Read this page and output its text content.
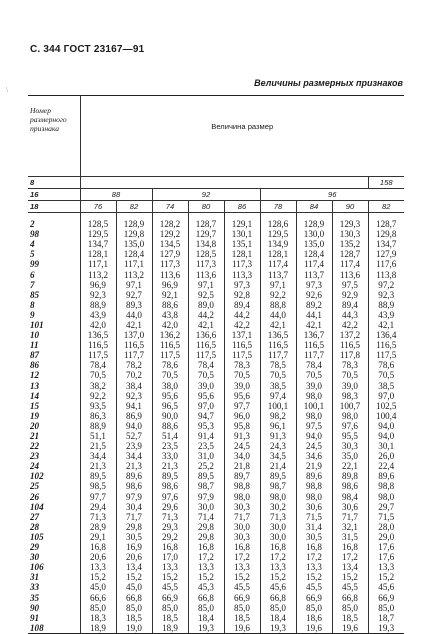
С. 344 ГОСТ 23167—91
Величины размерных признаков
\
Номер размерного признака	Величина размер								
8									158
16	88		92			96			
18	76	82	74	80	86	78	84	90	82
2	128,5	128,9	128,2	128,7	129,1	128,6	128,9	129,3	128,7
98	129,5	129,8	129,2	129,7	130,1	129,5	130,0	130,3	129,8
4	134,7	135,0	134,5	134,8	135,1	134,9	135,0	135,2	134,7
5	128,1	128,4	127,9	128,5	128,1	128,1	128,4	128,7	127,9
99	117,1	117,1	117,3	117,3	117,3	117,4	117,4	117,4	117,6
6	113,2	113,2	113,6	113,6	113,3	113,7	113,7	113,6	113,8
7	96,9	97,1	96,9	97,1	97,3	97,1	97,3	97,5	97,2
85	92,3	92,7	92,1	92,5	92,8	92,2	92,6	92,9	92,3
8	88,9	89,3	88,6	89,0	89,4	88,8	89,2	89,4	88,9
9	43,9	44,0	43,8	44,2	44,2	44,0	44,1	44,3	43,9
101	42,0	42,1	42,0	42,1	42,2	42,1	42,1	42,2	42,1
10	136,5	137,0	136,2	136,6	137,1	136,5	136,7	137,2	136,4
11	116,5	116,5	116,5	116,5	116,5	116,5	116,5	116,5	116,5
87	117,5	117,7	117,5	117,5	117,5	117,7	117,7	117,8	117,5
86	78,4	78,2	78,6	78,4	78,3	78,5	78,4	78,3	78,6
12	70,5	70,2	70,5	70,5	70,5	70,5	70,5	70,5	70,5
13	38,2	38,4	38,0	39,0	39,0	38,5	39,0	39,0	38,5
14	92,2	92,3	95,6	95,6	95,6	97,4	98,0	98,3	97,0
15	93,5	94,1	96,5	97,0	97,7	100,1	100,1	100,7	102,5
19	86,3	86,9	90,0	94,7	96,0	98,2	98,0	98,0	100,4
20	88,9	94,0	88,6	95,3	95,8	96,1	97,5	97,6	94,0
21	51,1	52,7	51,4	91,4	91,3	91,3	94,0	95,5	94,0
22	21,5	23,9	23,5	23,5	24,5	24,3	24,5	30,3	30,1
23	34,4	34,4	33,0	31,0	34,0	34,5	34,6	35,0	26,0
24	21,3	21,3	21,3	25,2	21,8	21,4	21,9	22,1	22,4
102	89,5	89,6	89,5	89,5	89,7	89,5	89,6	89,8	89,6
25	98,5	98,6	98,6	98,7	98,8	98,7	98,8	98,6	98,8
26	97,7	97,9	97,6	97,9	98,0	98,0	98,0	98,4	98,0
104	29,4	30,4	29,6	30,0	30,3	30,2	30,6	30,6	29,7
27	71,3	71,7	71,3	71,4	71,7	71,3	71,5	71,7	71,5
28	28,9	29,8	29,3	29,8	30,0	30,0	31,4	32,1	28,0
105	29,1	30,5	29,2	29,8	30,3	30,0	30,5	31,5	29,0
29	16,8	16,9	16,8	16,8	16,8	16,8	16,8	16,8	17,6
30	20,6	20,6	17,0	17,2	17,2	17,2	17,2	17,2	17,6
106	13,3	13,4	13,3	13,3	13,3	13,3	13,3	13,4	13,3
31	15,2	15,2	15,2	15,2	15,2	15,2	15,2	15,2	15,2
33	45,0	45,0	45,5	45,3	45,5	45,6	45,5	45,5	45,6
35	66,6	66,8	66,9	66,8	66,9	66,8	66,9	66,8	66,9
90	85,0	85,0	85,0	85,0	85,0	85,0	85,0	85,0	85,0
91	18,3	18,5	18,5	18,4	18,5	18,4	18,6	18,5	18,7
108	18,9	19,0	18,9	19,3	19,6	19,3	19,6	19,6	19,3
